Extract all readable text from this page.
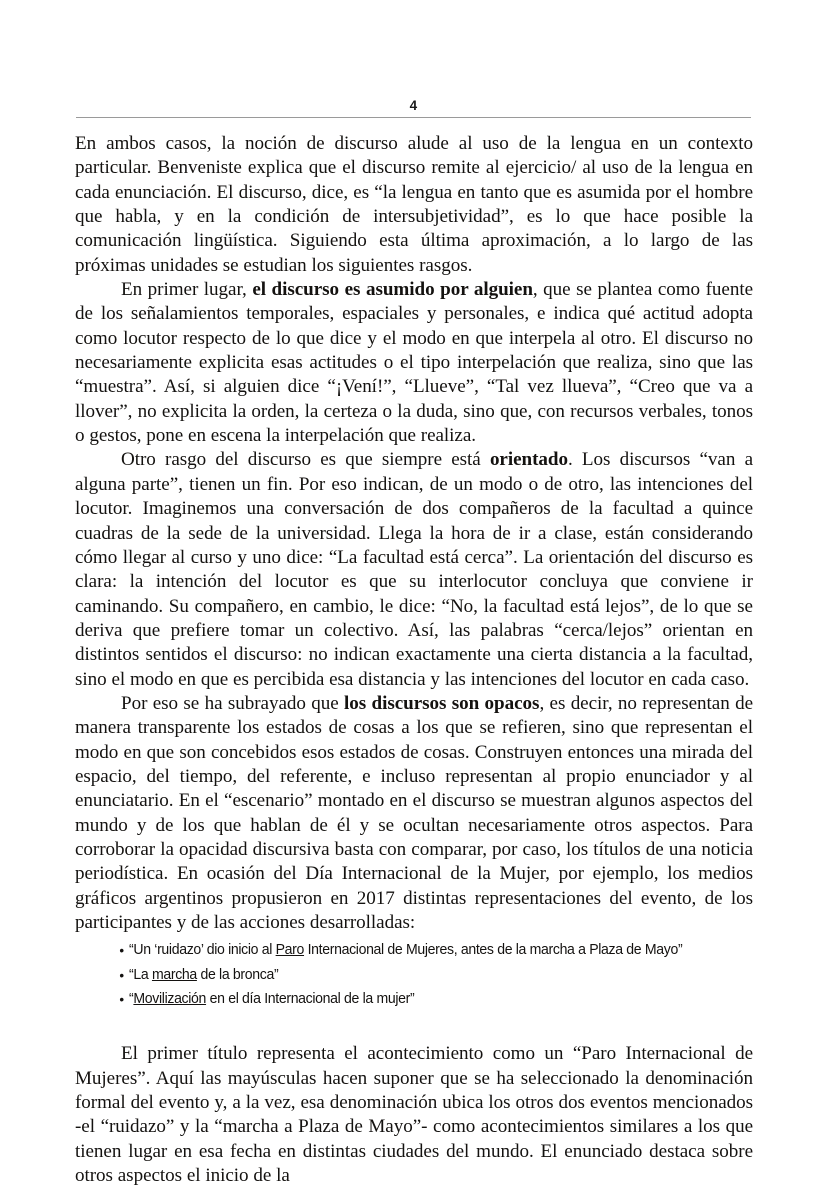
4

En ambos casos, la noción de discurso alude al uso de la lengua en un contexto particular. Benveniste explica que el discurso remite al ejercicio/ al uso de la lengua en cada enunciación. El discurso, dice, es “la lengua en tanto que es asumida por el hombre que habla, y en la condición de intersubjetividad”, es lo que hace posible la comunicación lingüística. Siguiendo esta última aproximación, a lo largo de las próximas unidades se estudian los siguientes rasgos.

En primer lugar, el discurso es asumido por alguien, que se plantea como fuente de los señalamientos temporales, espaciales y personales, e indica qué actitud adopta como locutor respecto de lo que dice y el modo en que interpela al otro. El discurso no necesariamente explicita esas actitudes o el tipo interpelación que realiza, sino que las “muestra”. Así, si alguien dice “¡Vení!”, “Llueve”, “Tal vez llueva”, “Creo que va a llover”, no explicita la orden, la certeza o la duda, sino que, con recursos verbales, tonos o gestos, pone en escena la interpelación que realiza.

Otro rasgo del discurso es que siempre está orientado. Los discursos “van a alguna parte”, tienen un fin. Por eso indican, de un modo o de otro, las intenciones del locutor. Imaginemos una conversación de dos compañeros de la facultad a quince cuadras de la sede de la universidad. Llega la hora de ir a clase, están considerando cómo llegar al curso y uno dice: “La facultad está cerca”. La orientación del discurso es clara: la intención del locutor es que su interlocutor concluya que conviene ir caminando. Su compañero, en cambio, le dice: “No, la facultad está lejos”, de lo que se deriva que prefiere tomar un colectivo. Así, las palabras “cerca/lejos” orientan en distintos sentidos el discurso: no indican exactamente una cierta distancia a la facultad, sino el modo en que es percibida esa distancia y las intenciones del locutor en cada caso.

Por eso se ha subrayado que los discursos son opacos, es decir, no representan de manera transparente los estados de cosas a los que se refieren, sino que representan el modo en que son concebidos esos estados de cosas. Construyen entonces una mirada del espacio, del tiempo, del referente, e incluso representan al propio enunciador y al enunciatario. En el “escenario” montado en el discurso se muestran algunos aspectos del mundo y de los que hablan de él y se ocultan necesariamente otros aspectos. Para corroborar la opacidad discursiva basta con comparar, por caso, los títulos de una noticia periodística. En ocasión del Día Internacional de la Mujer, por ejemplo, los medios gráficos argentinos propusieron en 2017 distintas representaciones del evento, de los participantes y de las acciones desarrolladas:

• “Un ‘ruidazo’ dio inicio al Paro Internacional de Mujeres, antes de la marcha a Plaza de Mayo”
• “La marcha de la bronca”
• “Movilización en el día Internacional de la mujer”

El primer título representa el acontecimiento como un “Paro Internacional de Mujeres”. Aquí las mayúsculas hacen suponer que se ha seleccionado la denominación formal del evento y, a la vez, esa denominación ubica los otros dos eventos mencionados -el “ruidazo” y la “marcha a Plaza de Mayo”- como acontecimientos similares a los que tienen lugar en esa fecha en distintas ciudades del mundo. El enunciado destaca sobre otros aspectos el inicio de la
